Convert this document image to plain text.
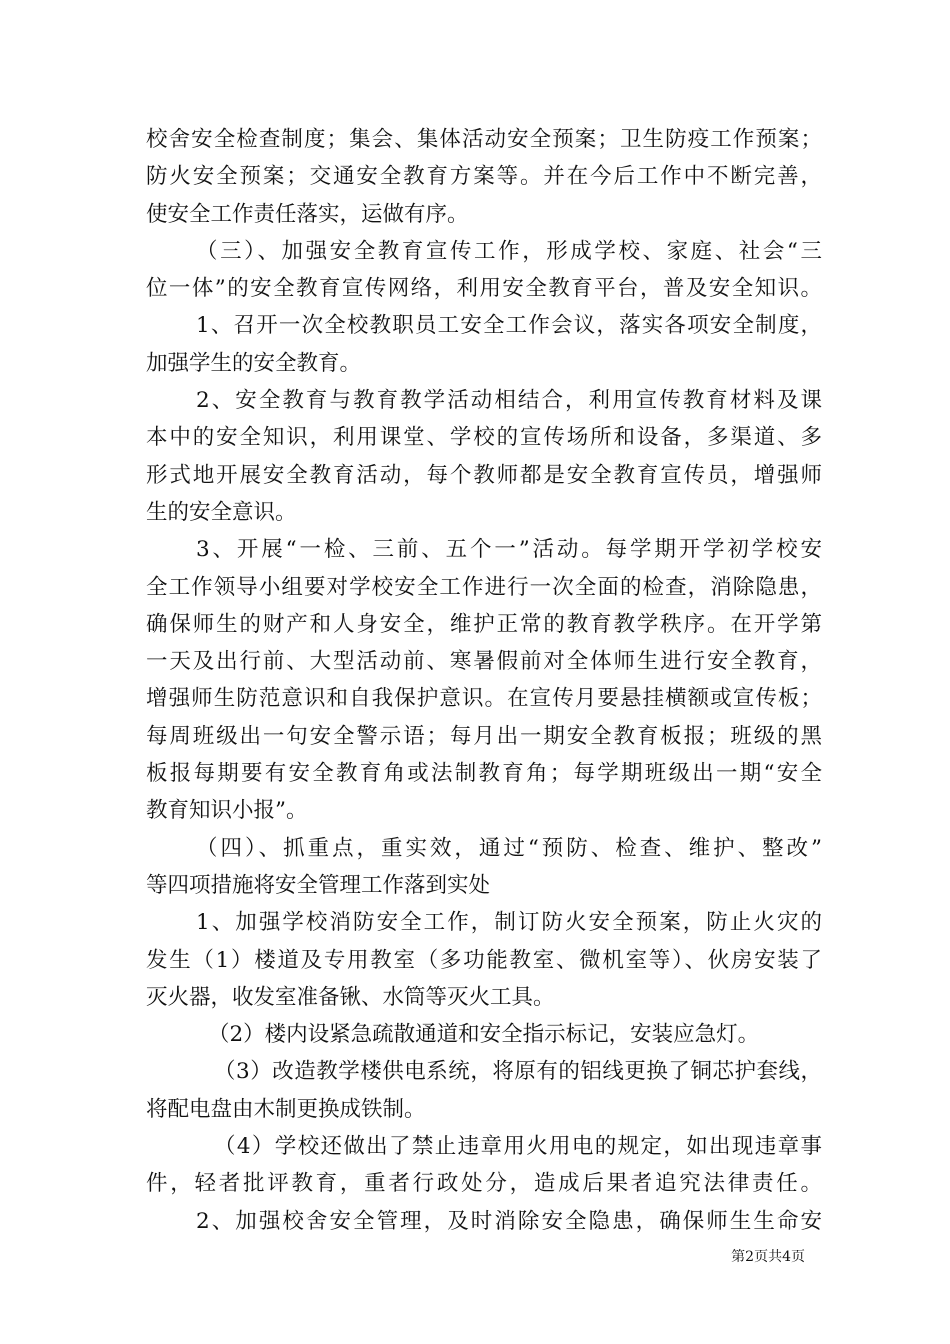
校舍安全检查制度；集会、集体活动安全预案；卫生防疫工作预案；
防火安全预案；交通安全教育方案等。并在今后工作中不断完善，
使安全工作责任落实，运做有序。
（三）、加强安全教育宣传工作，形成学校、家庭、社会“三
位一体”的安全教育宣传网络，利用安全教育平台，普及安全知识。
1、召开一次全校教职员工安全工作会议，落实各项安全制度，
加强学生的安全教育。
2、安全教育与教育教学活动相结合，利用宣传教育材料及课
本中的安全知识，利用课堂、学校的宣传场所和设备，多渠道、多
形式地开展安全教育活动，每个教师都是安全教育宣传员，增强师
生的安全意识。
3、开展“一检、三前、五个一”活动。每学期开学初学校安
全工作领导小组要对学校安全工作进行一次全面的检查，消除隐患，
确保师生的财产和人身安全，维护正常的教育教学秩序。在开学第
一天及出行前、大型活动前、寒暑假前对全体师生进行安全教育，
增强师生防范意识和自我保护意识。在宣传月要悬挂横额或宣传板；
每周班级出一句安全警示语；每月出一期安全教育板报；班级的黑
板报每期要有安全教育角或法制教育角；每学期班级出一期“安全
教育知识小报”。
（四）、抓重点，重实效，通过“预防、检查、维护、整改”
等四项措施将安全管理工作落到实处
1、加强学校消防安全工作，制订防火安全预案，防止火灾的
发生（1）楼道及专用教室（多功能教室、微机室等）、伙房安装了
灭火器，收发室准备锹、水筒等灭火工具。
（2）楼内设紧急疏散通道和安全指示标记，安装应急灯。
（3）改造教学楼供电系统，将原有的铝线更换了铜芯护套线，
将配电盘由木制更换成铁制。
（4）学校还做出了禁止违章用火用电的规定，如出现违章事
件，轻者批评教育，重者行政处分，造成后果者追究法律责任。
2、加强校舍安全管理，及时消除安全隐患，确保师生生命安
第2页共4页
